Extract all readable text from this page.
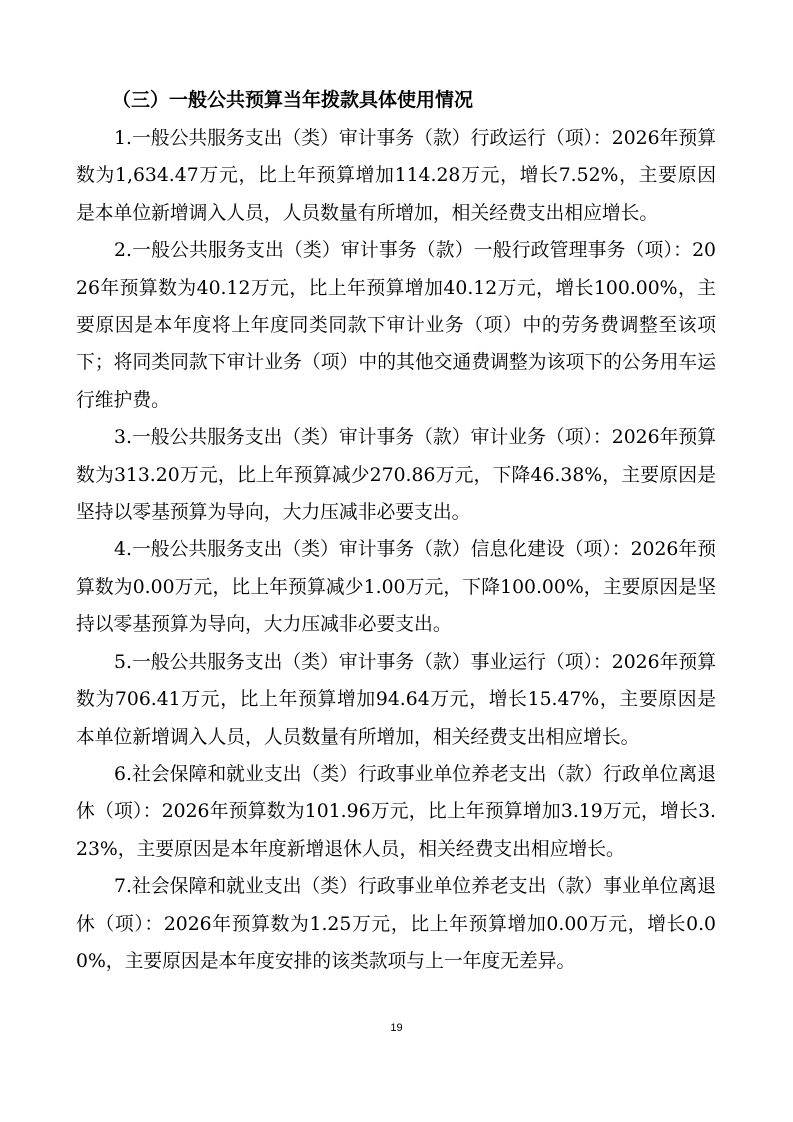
（三）一般公共预算当年拨款具体使用情况

1.一般公共服务支出（类）审计事务（款）行政运行（项）：2026年预算数为1,634.47万元，比上年预算增加114.28万元，增长7.52%，主要原因是本单位新增调入人员，人员数量有所增加，相关经费支出相应增长。

2.一般公共服务支出（类）审计事务（款）一般行政管理事务（项）：2026年预算数为40.12万元，比上年预算增加40.12万元，增长100.00%，主要原因是本年度将上年度同类同款下审计业务（项）中的劳务费调整至该项下；将同类同款下审计业务（项）中的其他交通费调整为该项下的公务用车运行维护费。

3.一般公共服务支出（类）审计事务（款）审计业务（项）：2026年预算数为313.20万元，比上年预算减少270.86万元，下降46.38%，主要原因是坚持以零基预算为导向，大力压减非必要支出。

4.一般公共服务支出（类）审计事务（款）信息化建设（项）：2026年预算数为0.00万元，比上年预算减少1.00万元，下降100.00%，主要原因是坚持以零基预算为导向，大力压减非必要支出。

5.一般公共服务支出（类）审计事务（款）事业运行（项）：2026年预算数为706.41万元，比上年预算增加94.64万元，增长15.47%，主要原因是本单位新增调入人员，人员数量有所增加，相关经费支出相应增长。

6.社会保障和就业支出（类）行政事业单位养老支出（款）行政单位离退休（项）：2026年预算数为101.96万元，比上年预算增加3.19万元，增长3.23%，主要原因是本年度新增退休人员，相关经费支出相应增长。

7.社会保障和就业支出（类）行政事业单位养老支出（款）事业单位离退休（项）：2026年预算数为1.25万元，比上年预算增加0.00万元，增长0.00%，主要原因是本年度安排的该类款项与上一年度无差异。

19
